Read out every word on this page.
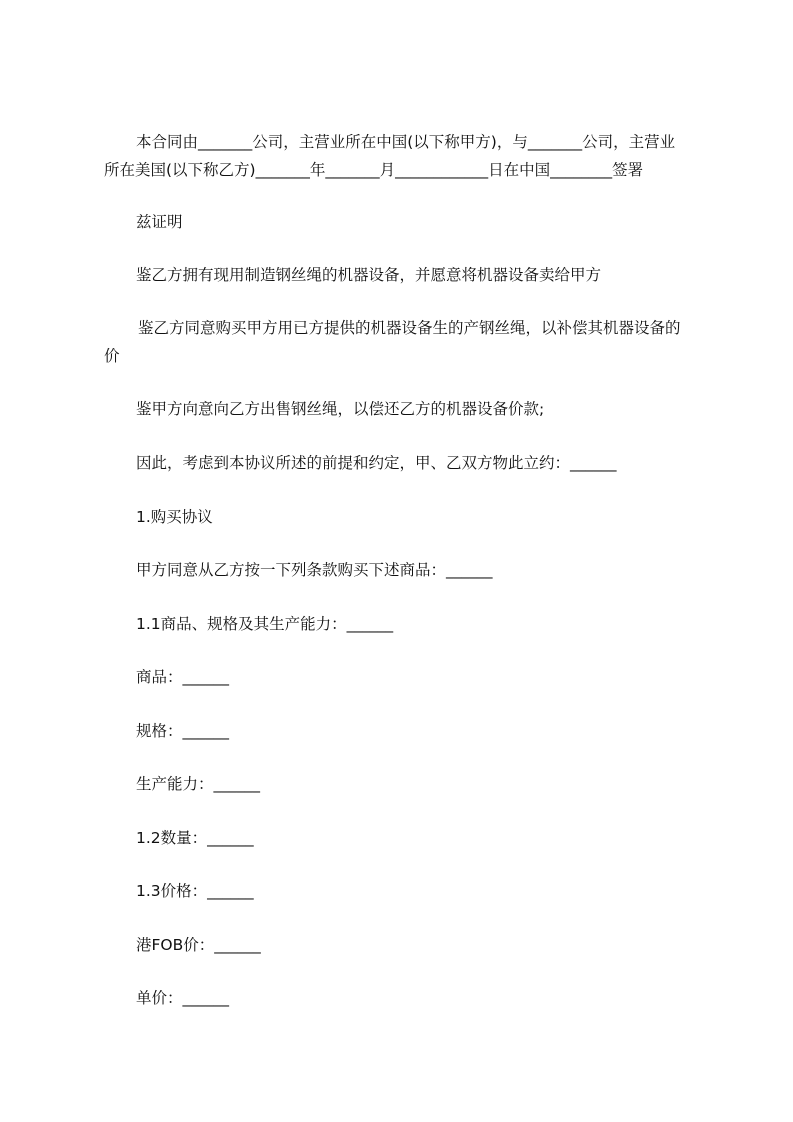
本合同由_______公司，主营业所在中国(以下称甲方)，与_______公司，主营业
所在美国(以下称乙方)_______年_______月____________日在中国________签署

兹证明

鉴乙方拥有现用制造钢丝绳的机器设备，并愿意将机器设备卖给甲方

鉴乙方同意购买甲方用已方提供的机器设备生的产钢丝绳，以补偿其机器设备的
价

鉴甲方向意向乙方出售钢丝绳，以偿还乙方的机器设备价款;

因此，考虑到本协议所述的前提和约定，甲、乙双方物此立约：______

1.购买协议

甲方同意从乙方按一下列条款购买下述商品：______

1.1商品、规格及其生产能力：______

商品：______

规格：______

生产能力：______

1.2数量：______

1.3价格：______

港FOB价：______

单价：______
